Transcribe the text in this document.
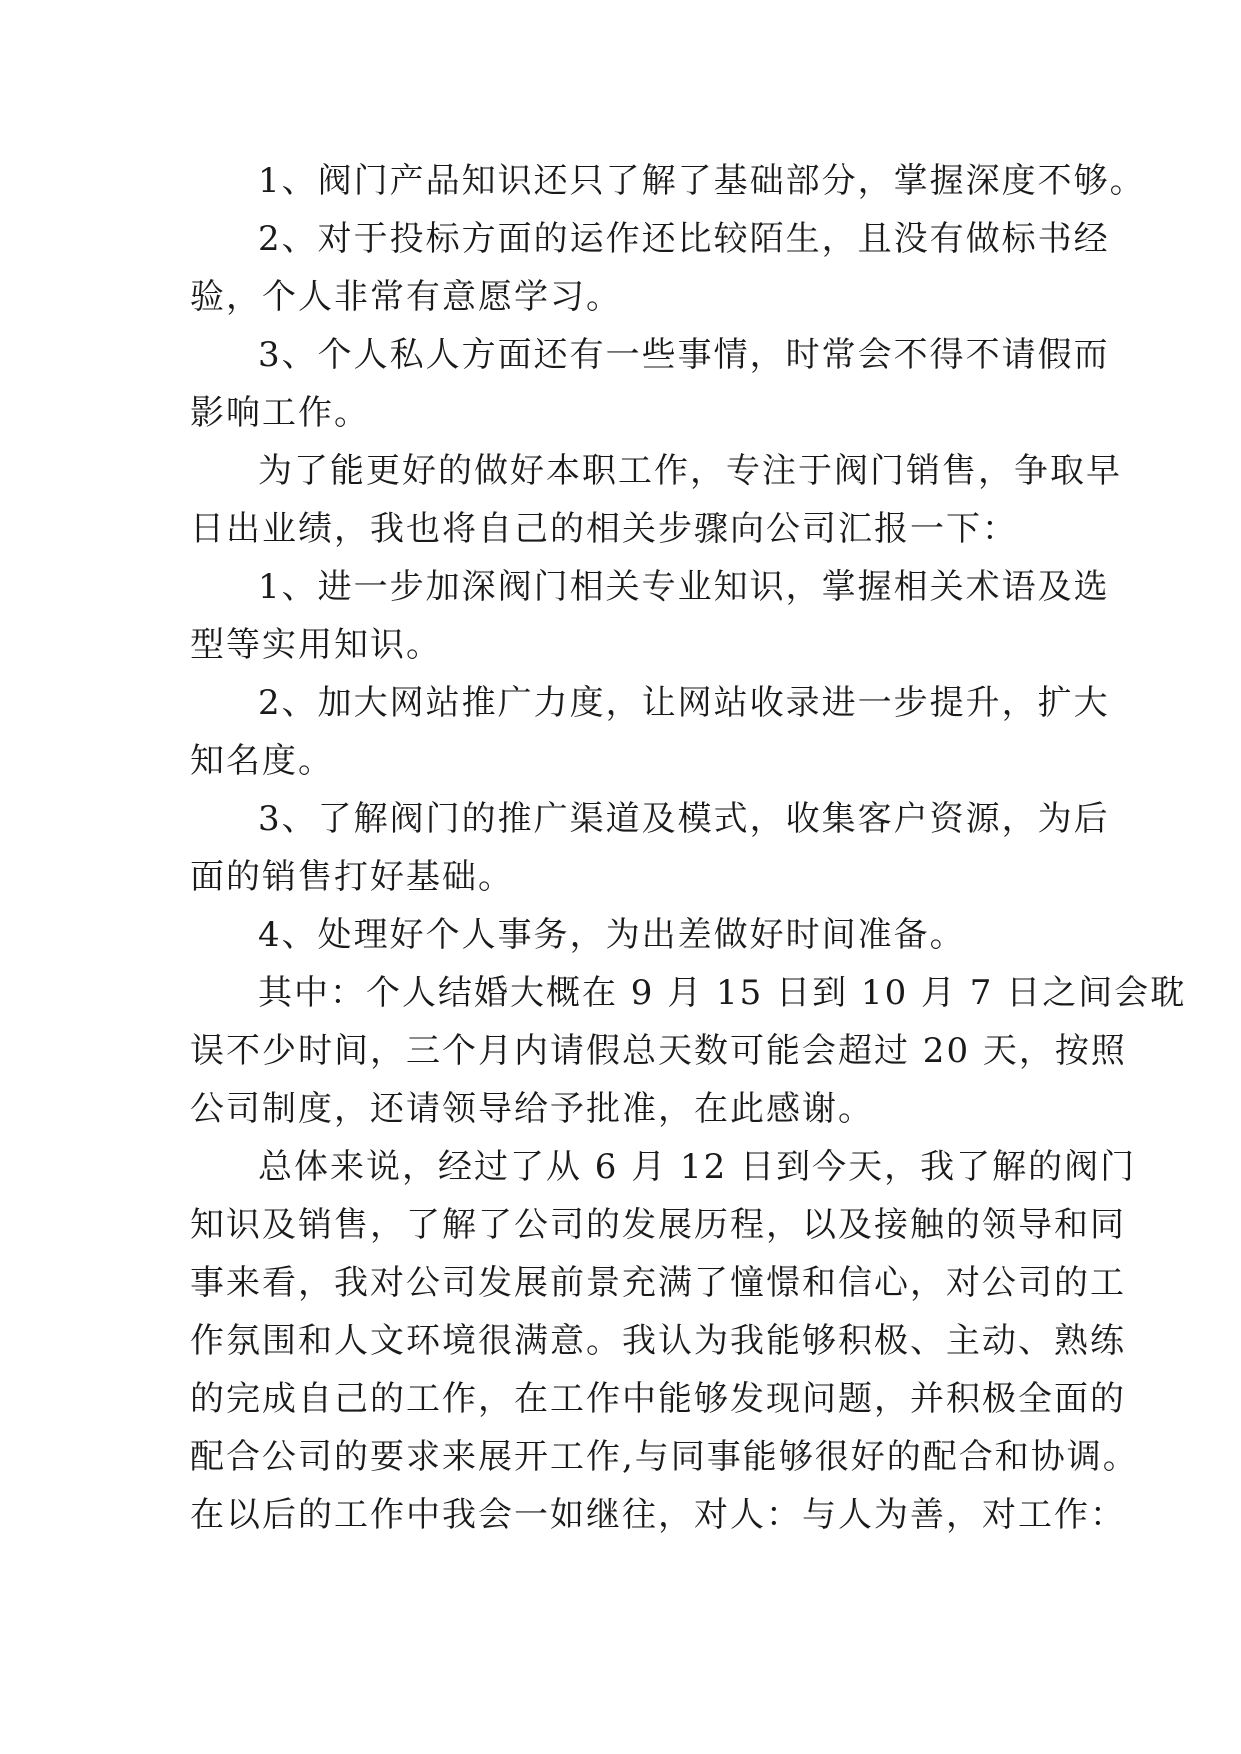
1、阀门产品知识还只了解了基础部分，掌握深度不够。
2、对于投标方面的运作还比较陌生，且没有做标书经
验，个人非常有意愿学习。
3、个人私人方面还有一些事情，时常会不得不请假而
影响工作。
为了能更好的做好本职工作，专注于阀门销售，争取早
日出业绩，我也将自己的相关步骤向公司汇报一下：
1、进一步加深阀门相关专业知识，掌握相关术语及选
型等实用知识。
2、加大网站推广力度，让网站收录进一步提升，扩大
知名度。
3、了解阀门的推广渠道及模式，收集客户资源，为后
面的销售打好基础。
4、处理好个人事务，为出差做好时间准备。
其中：个人结婚大概在 9 月 15 日到 10 月 7 日之间会耽
误不少时间，三个月内请假总天数可能会超过 20 天，按照
公司制度，还请领导给予批准，在此感谢。
总体来说，经过了从 6 月 12 日到今天，我了解的阀门
知识及销售，了解了公司的发展历程，以及接触的领导和同
事来看，我对公司发展前景充满了憧憬和信心，对公司的工
作氛围和人文环境很满意。我认为我能够积极、主动、熟练
的完成自己的工作，在工作中能够发现问题，并积极全面的
配合公司的要求来展开工作,与同事能够很好的配合和协调。
在以后的工作中我会一如继往，对人：与人为善，对工作：
